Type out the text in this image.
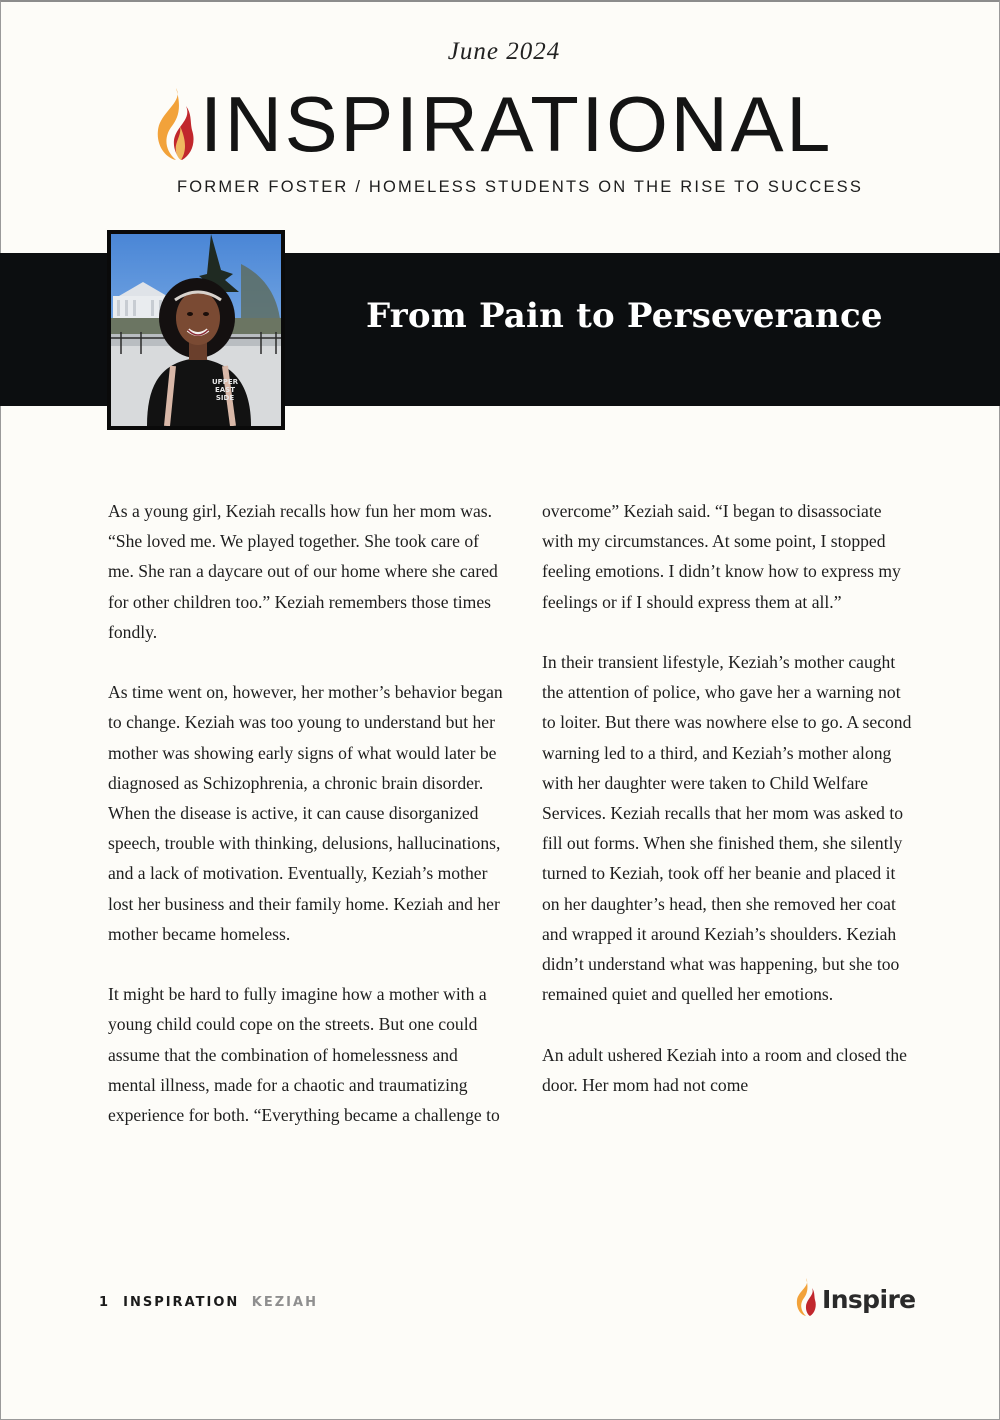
June 2024
INSPIRATIONAL
FORMER FOSTER / HOMELESS STUDENTS ON THE RISE TO SUCCESS
From Pain to Perseverance
UPPER
EAST
SIDE

As a young girl, Keziah recalls how fun her mom was. “She loved me. We played together. She took care of me. She ran a daycare out of our home where she cared for other children too.” Keziah remembers those times fondly.

As time went on, however, her mother’s behavior began to change. Keziah was too young to understand but her mother was showing early signs of what would later be diagnosed as Schizophrenia, a chronic brain disorder. When the disease is active, it can cause disorganized speech, trouble with thinking, delusions, hallucinations, and a lack of motivation. Eventually, Keziah’s mother lost her business and their family home. Keziah and her mother became homeless.

It might be hard to fully imagine how a mother with a young child could cope on the streets. But one could assume that the combination of homelessness and mental illness, made for a chaotic and traumatizing experience for both. “Everything became a challenge to

overcome” Keziah said. “I began to disassociate with my circumstances. At some point, I stopped feeling emotions. I didn’t know how to express my feelings or if I should express them at all.”

In their transient lifestyle, Keziah’s mother caught the attention of police, who gave her a warning not to loiter. But there was nowhere else to go. A second warning led to a third, and Keziah’s mother along with her daughter were taken to Child Welfare Services. Keziah recalls that her mom was asked to fill out forms. When she finished them, she silently turned to Keziah, took off her beanie and placed it on her daughter’s head, then she removed her coat and wrapped it around Keziah’s shoulders. Keziah didn’t understand what was happening, but she too remained quiet and quelled her emotions.

An adult ushered Keziah into a room and closed the door. Her mom had not come

1 INSPIRATION KEZIAH	Inspire
